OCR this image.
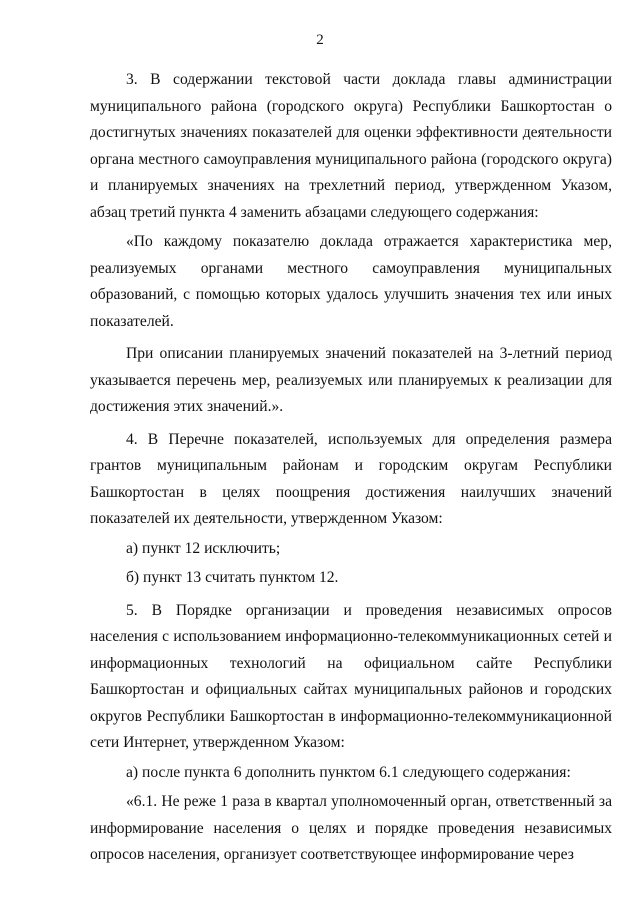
2

3. В содержании текстовой части доклада главы администрации муниципального района (городского округа) Республики Башкортостан о достигнутых значениях показателей для оценки эффективности деятельности органа местного самоуправления муниципального района (городского округа) и планируемых значениях на трехлетний период, утвержденном Указом, абзац третий пункта 4 заменить абзацами следующего содержания:

«По каждому показателю доклада отражается характеристика мер, реализуемых органами местного самоуправления муниципальных образований, с помощью которых удалось улучшить значения тех или иных показателей.

При описании планируемых значений показателей на 3-летний период указывается перечень мер, реализуемых или планируемых к реализации для достижения этих значений.».

4. В Перечне показателей, используемых для определения размера грантов муниципальным районам и городским округам Республики Башкортостан в целях поощрения достижения наилучших значений показателей их деятельности, утвержденном Указом:

а) пункт 12 исключить;

б) пункт 13 считать пунктом 12.

5. В Порядке организации и проведения независимых опросов населения с использованием информационно-телекоммуникационных сетей и информационных технологий на официальном сайте Республики Башкортостан и официальных сайтах муниципальных районов и городских округов Республики Башкортостан в информационно-телекоммуникационной сети Интернет, утвержденном Указом:

а) после пункта 6 дополнить пунктом 6.1 следующего содержания:

«6.1. Не реже 1 раза в квартал уполномоченный орган, ответственный за информирование населения о целях и порядке проведения независимых опросов населения, организует соответствующее информирование через
